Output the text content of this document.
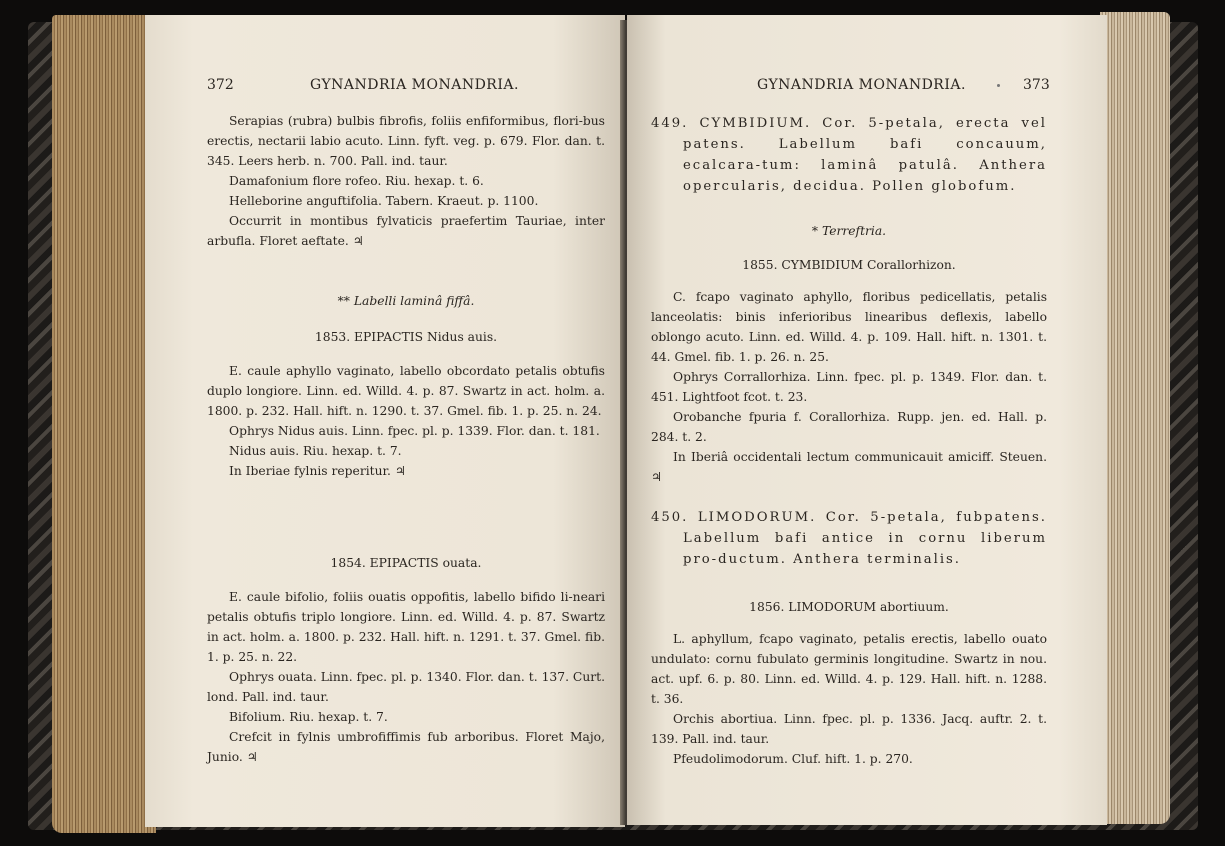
372	GYNANDRIA MONANDRIA.

Serapias (rubra) bulbis fibrofis, foliis enfiformibus, flori-bus erectis, nectarii labio acuto. Linn. fyft. veg. p. 679. Flor. dan. t. 345. Leers herb. n. 700. Pall. ind. taur.

Damafonium flore rofeo. Riu. hexap. t. 6.

Helleborine anguftifolia. Tabern. Kraeut. p. 1100.

Occurrit in montibus fylvaticis praefertim Tauriae, inter arbufla. Floret aeftate. ♃

** Labelli laminâ fiffâ.

1853. EPIPACTIS Nidus auis.

E. caule aphyllo vaginato, labello obcordato petalis obtufis duplo longiore. Linn. ed. Willd. 4. p. 87. Swartz in act. holm. a. 1800. p. 232. Hall. hift. n. 1290. t. 37. Gmel. fib. 1. p. 25. n. 24.

Ophrys Nidus auis. Linn. fpec. pl. p. 1339. Flor. dan. t. 181.

Nidus auis. Riu. hexap. t. 7.

In Iberiae fylnis reperitur. ♃

1854. EPIPACTIS ouata.

E. caule bifolio, foliis ouatis oppofitis, labello bifido li-neari petalis obtufis triplo longiore. Linn. ed. Willd. 4. p. 87. Swartz in act. holm. a. 1800. p. 232. Hall. hift. n. 1291. t. 37. Gmel. fib. 1. p. 25. n. 22.

Ophrys ouata. Linn. fpec. pl. p. 1340. Flor. dan. t. 137. Curt. lond. Pall. ind. taur.

Bifolium. Riu. hexap. t. 7.

Crefcit in fylnis umbrofiffimis fub arboribus. Floret Majo, Junio. ♃

GYNANDRIA MONANDRIA.	373

449. CYMBIDIUM. Cor. 5-petala, erecta vel patens. Labellum bafi concauum, ecalcara-tum: laminâ patulâ. Anthera opercularis, decidua. Pollen globofum.

* Terreftria.

1855. CYMBIDIUM Corallorhizon.

C. fcapo vaginato aphyllo, floribus pedicellatis, petalis lanceolatis: binis inferioribus linearibus deflexis, labello oblongo acuto. Linn. ed. Willd. 4. p. 109. Hall. hift. n. 1301. t. 44. Gmel. fib. 1. p. 26. n. 25.

Ophrys Corrallorhiza. Linn. fpec. pl. p. 1349. Flor. dan. t. 451. Lightfoot fcot. t. 23.

Orobanche fpuria f. Corallorhiza. Rupp. jen. ed. Hall. p. 284. t. 2.

In Iberiâ occidentali lectum communicauit amiciff. Steuen. ♃

450. LIMODORUM. Cor. 5-petala, fubpatens. Labellum bafi antice in cornu liberum pro-ductum. Anthera terminalis.

1856. LIMODORUM abortiuum.

L. aphyllum, fcapo vaginato, petalis erectis, labello ouato undulato: cornu fubulato germinis longitudine. Swartz in nou. act. upf. 6. p. 80. Linn. ed. Willd. 4. p. 129. Hall. hift. n. 1288. t. 36.

Orchis abortiua. Linn. fpec. pl. p. 1336. Jacq. auftr. 2. t. 139. Pall. ind. taur.

Pfeudolimodorum. Cluf. hift. 1. p. 270.
